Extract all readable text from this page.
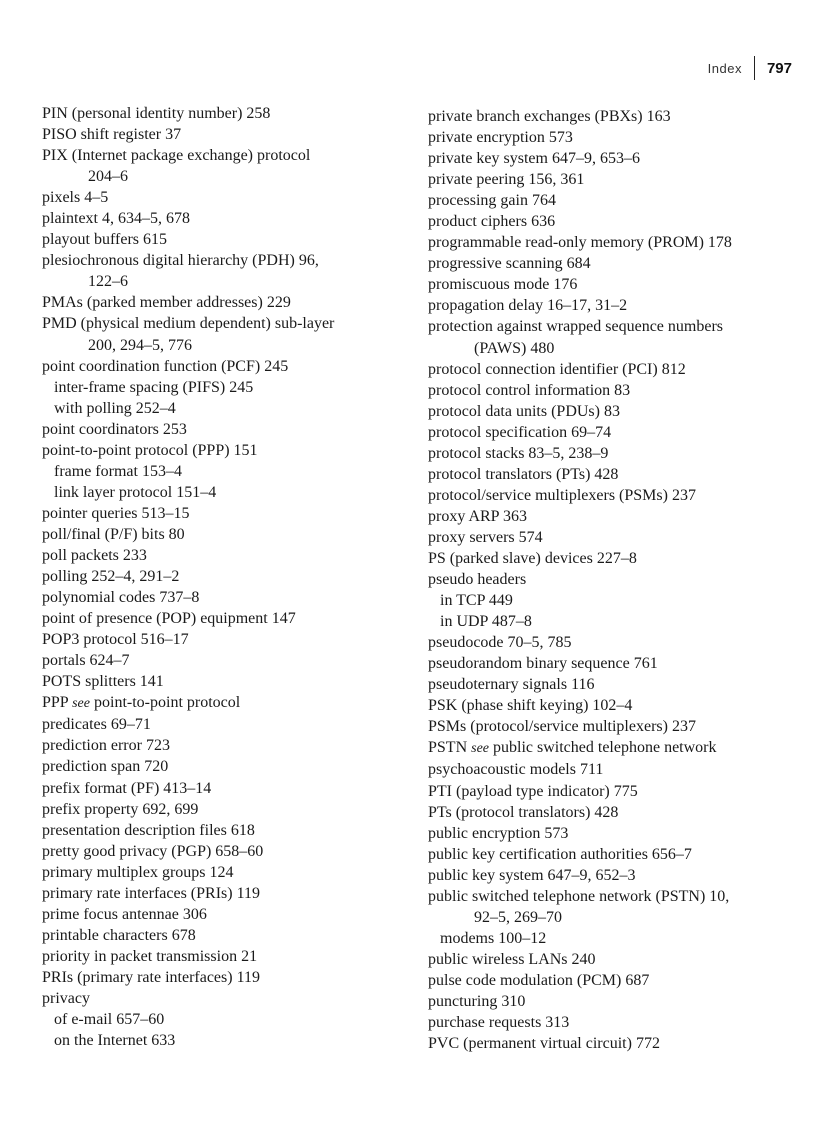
Index 797
PIN (personal identity number) 258
PISO shift register 37
PIX (Internet package exchange) protocol
204–6
pixels 4–5
plaintext 4, 634–5, 678
playout buffers 615
plesiochronous digital hierarchy (PDH) 96,
122–6
PMAs (parked member addresses) 229
PMD (physical medium dependent) sub-layer
200, 294–5, 776
point coordination function (PCF) 245
inter-frame spacing (PIFS) 245
with polling 252–4
point coordinators 253
point-to-point protocol (PPP) 151
frame format 153–4
link layer protocol 151–4
pointer queries 513–15
poll/final (P/F) bits 80
poll packets 233
polling 252–4, 291–2
polynomial codes 737–8
point of presence (POP) equipment 147
POP3 protocol 516–17
portals 624–7
POTS splitters 141
PPP see point-to-point protocol
predicates 69–71
prediction error 723
prediction span 720
prefix format (PF) 413–14
prefix property 692, 699
presentation description files 618
pretty good privacy (PGP) 658–60
primary multiplex groups 124
primary rate interfaces (PRIs) 119
prime focus antennae 306
printable characters 678
priority in packet transmission 21
PRIs (primary rate interfaces) 119
privacy
of e-mail 657–60
on the Internet 633
private branch exchanges (PBXs) 163
private encryption 573
private key system 647–9, 653–6
private peering 156, 361
processing gain 764
product ciphers 636
programmable read-only memory (PROM) 178
progressive scanning 684
promiscuous mode 176
propagation delay 16–17, 31–2
protection against wrapped sequence numbers
(PAWS) 480
protocol connection identifier (PCI) 812
protocol control information 83
protocol data units (PDUs) 83
protocol specification 69–74
protocol stacks 83–5, 238–9
protocol translators (PTs) 428
protocol/service multiplexers (PSMs) 237
proxy ARP 363
proxy servers 574
PS (parked slave) devices 227–8
pseudo headers
in TCP 449
in UDP 487–8
pseudocode 70–5, 785
pseudorandom binary sequence 761
pseudoternary signals 116
PSK (phase shift keying) 102–4
PSMs (protocol/service multiplexers) 237
PSTN see public switched telephone network
psychoacoustic models 711
PTI (payload type indicator) 775
PTs (protocol translators) 428
public encryption 573
public key certification authorities 656–7
public key system 647–9, 652–3
public switched telephone network (PSTN) 10,
92–5, 269–70
modems 100–12
public wireless LANs 240
pulse code modulation (PCM) 687
puncturing 310
purchase requests 313
PVC (permanent virtual circuit) 772
